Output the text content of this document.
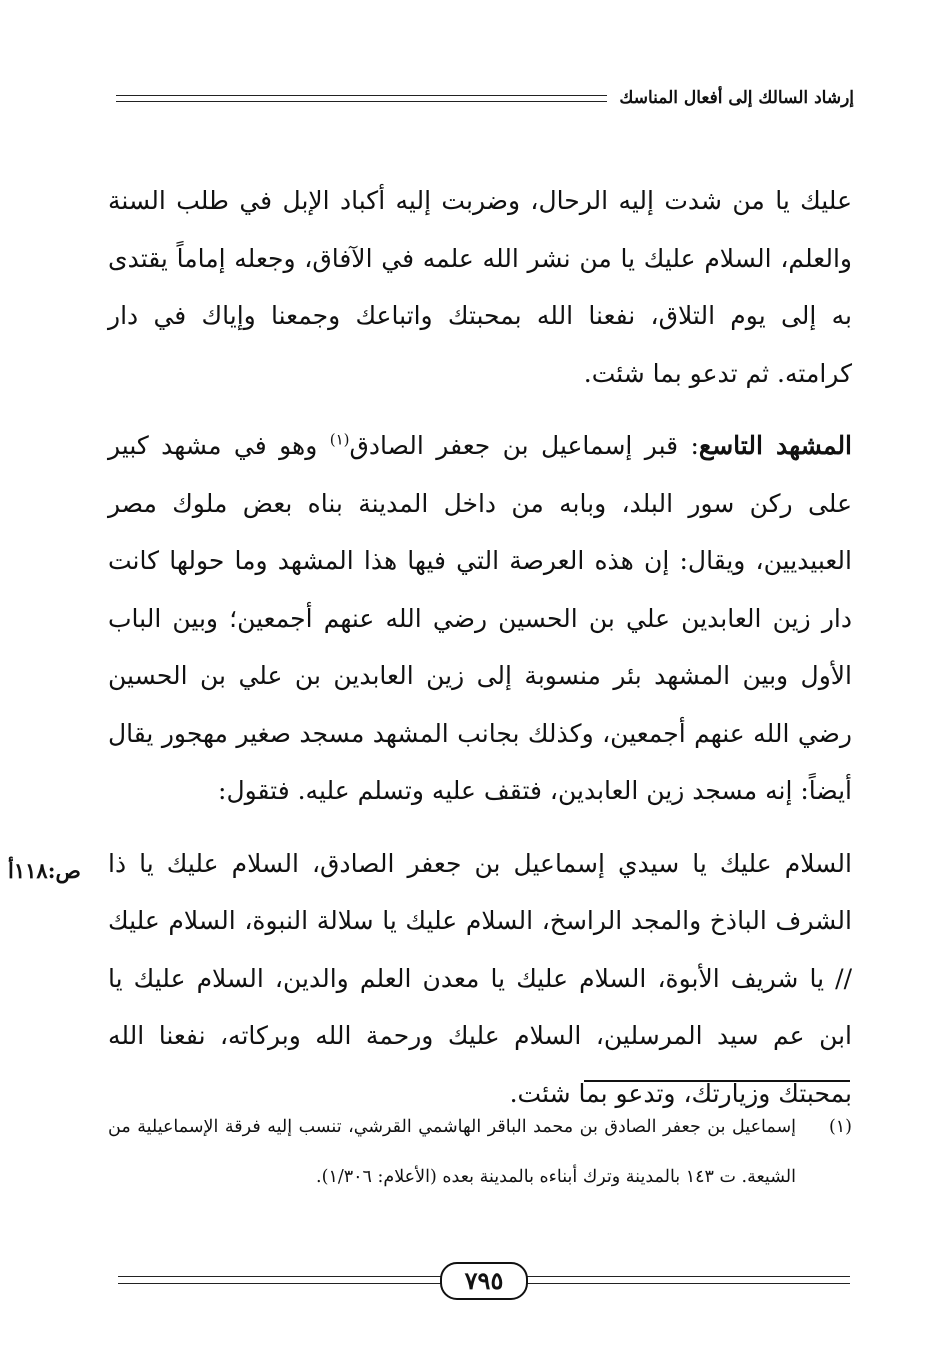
إرشاد السالك إلى أفعال المناسك

عليك يا من شدت إليه الرحال، وضربت إليه أكباد الإبل في طلب السنة والعلم، السلام عليك يا من نشر الله علمه في الآفاق، وجعله إماماً يقتدى به إلى يوم التلاق، نفعنا الله بمحبتك واتباعك وجمعنا وإياك في دار كرامته. ثم تدعو بما شئت.

المشهد التاسع: قبر إسماعيل بن جعفر الصادق$^{(١)}$ وهو في مشهد كبير على ركن سور البلد، وبابه من داخل المدينة بناه بعض ملوك مصر العبيديين، ويقال: إن هذه العرصة التي فيها هذا المشهد وما حولها كانت دار زين العابدين علي بن الحسين رضي الله عنهم أجمعين؛ وبين الباب الأول وبين المشهد بئر منسوبة إلى زين العابدين بن علي بن الحسين رضي الله عنهم أجمعين، وكذلك بجانب المشهد مسجد صغير مهجور يقال أيضاً: إنه مسجد زين العابدين، فتقف عليه وتسلم عليه. فتقول:

السلام عليك يا سيدي إسماعيل بن جعفر الصادق، السلام عليك يا ذا الشرف الباذخ والمجد الراسخ، السلام عليك يا سلالة النبوة، السلام عليك // يا شريف الأبوة، السلام عليك يا معدن العلم والدين، السلام عليك يا ابن عم سيد المرسلين، السلام عليك ورحمة الله وبركاته، نفعنا الله بمحبتك وزيارتك، وتدعو بما شئت.

ص:١١٨أ
(١)
إسماعيل بن جعفر الصادق بن محمد الباقر الهاشمي القرشي، تنسب إليه فرقة الإسماعيلية من الشيعة. ت ١٤٣ بالمدينة وترك أبناءه بالمدينة بعده (الأعلام: ١/٣٠٦).
٧٩٥
